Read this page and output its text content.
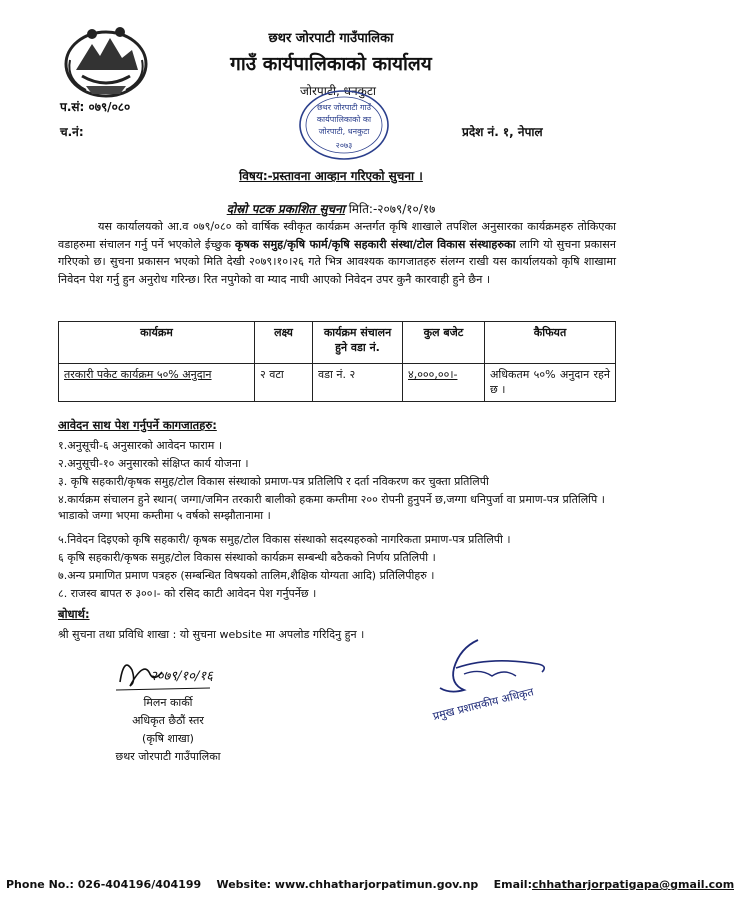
छथर जोरपाटी गाउँपालिका
गाउँ कार्यपालिकाको कार्यालय
जोरपाटी, धनकुटा
प.सं: ०७९/०८०
च.नं:	प्रदेश नं. १, नेपाल
छथर जोरपाटी गाउँ
कार्यपालिकाको का
जोरपाटी, धनकुटा
२०७३
विषय:-प्रस्तावना आव्हान गरिएको सुचना ।
दोस्रो पटक प्रकाशित सुचना मिति:-२०७९/१०/१७
यस कार्यालयको आ.व ०७९/०८० को वार्षिक स्वीकृत कार्यक्रम अन्तर्गत कृषि शाखाले तपशिल अनुसारका कार्यक्रमहरु तोकिएका वडाहरुमा संचालन गर्नु पर्ने भएकोले ईच्छुक कृषक समुह/कृषि फार्म/कृषि सहकारी संस्था/टोल विकास संस्थाहरुका लागि यो सुचना प्रकासन गरिएको छ। सुचना प्रकासन भएको मिति देखी २०७९।१०।२६ गते भित्र आवश्यक कागजातहरु संलग्न राखी यस कार्यालयको कृषि शाखामा निवेदन पेश गर्नु हुन अनुरोध गरिन्छ। रित नपुगेको वा म्याद नाघी आएको निवेदन उपर कुनै कारवाही हुने छैन ।
कार्यक्रम	लक्ष्य	कार्यक्रम संचालन हुने वडा नं.	कुल बजेट	कैफियत
तरकारी पकेट कार्यक्रम ५०% अनुदान	२ वटा	वडा नं. २	४,०००,००।-	अधिकतम ५०% अनुदान रहने छ ।
आवेदन साथ पेश गर्नुपर्ने कागजातहरु:
१.अनुसूची-६ अनुसारको आवेदन फाराम ।
२.अनुसूची-१० अनुसारको संक्षिप्त कार्य योजना ।
३. कृषि सहकारी/कृषक समुह/टोल विकास संस्थाको प्रमाण-पत्र प्रतिलिपि र दर्ता नविकरण कर चुक्ता प्रतिलिपी
४.कार्यक्रम संचालन हुने स्थान( जग्गा/जमिन तरकारी बालीको हकमा कम्तीमा २०० रोपनी हुनुपर्ने छ,जग्गा धनिपुर्जा वा प्रमाण-पत्र प्रतिलिपि । भाडाको जग्गा भएमा कम्तीमा ५ वर्षको सम्झौतानामा ।
५.निवेदन दिइएको कृषि सहकारी/ कृषक समुह/टोल विकास संस्थाको सदस्यहरुको नागरिकता प्रमाण-पत्र प्रतिलिपी ।
६ कृषि सहकारी/कृषक समुह/टोल विकास संस्थाको कार्यक्रम सम्बन्धी बठैकको निर्णय प्रतिलिपी ।
७.अन्य प्रमाणित प्रमाण पत्रहरु (सम्बन्धित विषयको तालिम,शैक्षिक योग्यता आदि) प्रतिलिपीहरु ।
८. राजस्व बापत रु ३००।- को रसिद काटी आवेदन पेश गर्नुपर्नेछ ।
बोधार्थ:
श्री सुचना तथा प्रविधि शाखा : यो सुचना website मा अपलोड गरिदिनु हुन ।
२०७९/१०/१६
मिलन कार्की
अधिकृत छैठौं स्तर
(कृषि शाखा)
छथर जोरपाटी गाउँपालिका
प्रमुख प्रशासकीय अधिकृत
Phone No.: 026-404196/404199 Website: www.chhatharjorpatimun.gov.np Email:chhatharjorpatigapa@gmail.com
